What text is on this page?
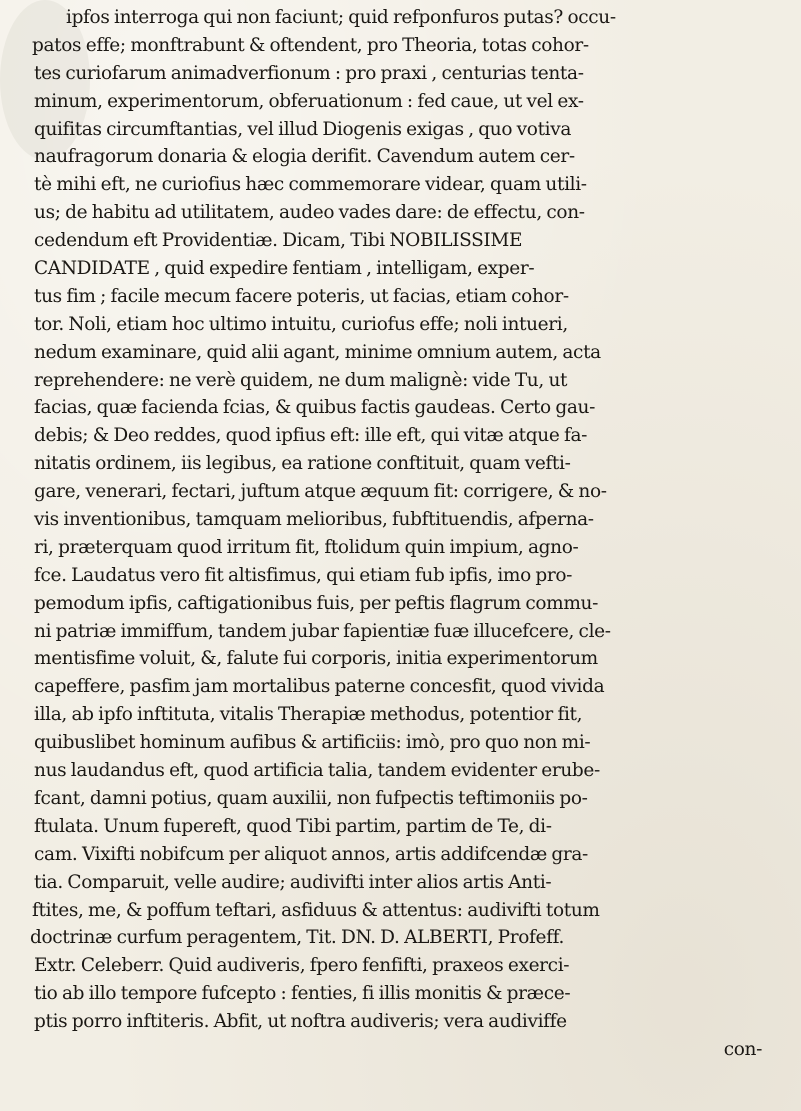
ipfos interroga qui non faciunt; quid refponfuros putas? occu-
patos effe; monftrabunt & oftendent, pro Theoria, totas cohor-
tes curiofarum animadverfionum : pro praxi , centurias tenta-
minum, experimentorum, obferuationum : fed caue, ut vel ex-
quifitas circumftantias, vel illud Diogenis exigas , quo votiva
naufragorum donaria & elogia derifit. Cavendum autem cer-
tè mihi eft, ne curiofius hæc commemorare videar, quam utili-
us; de habitu ad utilitatem, audeo vades dare: de effectu, con-
cedendum eft Providentiæ. Dicam, Tibi NOBILISSIME
CANDIDATE , quid expedire fentiam , intelligam, exper-
tus fim ; facile mecum facere poteris, ut facias, etiam cohor-
tor. Noli, etiam hoc ultimo intuitu, curiofus effe; noli intueri,
nedum examinare, quid alii agant, minime omnium autem, acta
reprehendere: ne verè quidem, ne dum malignè: vide Tu, ut
facias, quæ facienda fcias, & quibus factis gaudeas. Certo gau-
debis; & Deo reddes, quod ipfius eft: ille eft, qui vitæ atque fa-
nitatis ordinem, iis legibus, ea ratione conftituit, quam vefti-
gare, venerari, fectari, juftum atque æquum fit: corrigere, & no-
vis inventionibus, tamquam melioribus, fubftituendis, afperna-
ri, præterquam quod irritum fit, ftolidum quin impium, agno-
fce. Laudatus vero fit altisfimus, qui etiam fub ipfis, imo pro-
pemodum ipfis, caftigationibus fuis, per peftis flagrum commu-
ni patriæ immiffum, tandem jubar fapientiæ fuæ illucefcere, cle-
mentisfime voluit, &, falute fui corporis, initia experimentorum
capeffere, pasfim jam mortalibus paterne concesfit, quod vivida
illa, ab ipfo inftituta, vitalis Therapiæ methodus, potentior fit,
quibuslibet hominum aufibus & artificiis: imò, pro quo non mi-
nus laudandus eft, quod artificia talia, tandem evidenter erube-
fcant, damni potius, quam auxilii, non fufpectis teftimoniis po-
ftulata. Unum fupereft, quod Tibi partim, partim de Te, di-
cam. Vixifti nobifcum per aliquot annos, artis addifcendæ gra-
tia. Comparuit, velle audire; audivifti inter alios artis Anti-
ftites, me, & poffum teftari, asfiduus & attentus: audivifti totum
doctrinæ curfum peragentem, Tit. DN. D. ALBERTI, Profeff.
Extr. Celeberr. Quid audiveris, fpero fenfifti, praxeos exerci-
tio ab illo tempore fufcepto : fenties, fi illis monitis & præce-
ptis porro inftiteris. Abfit, ut noftra audiveris; vera audiviffe
con-
